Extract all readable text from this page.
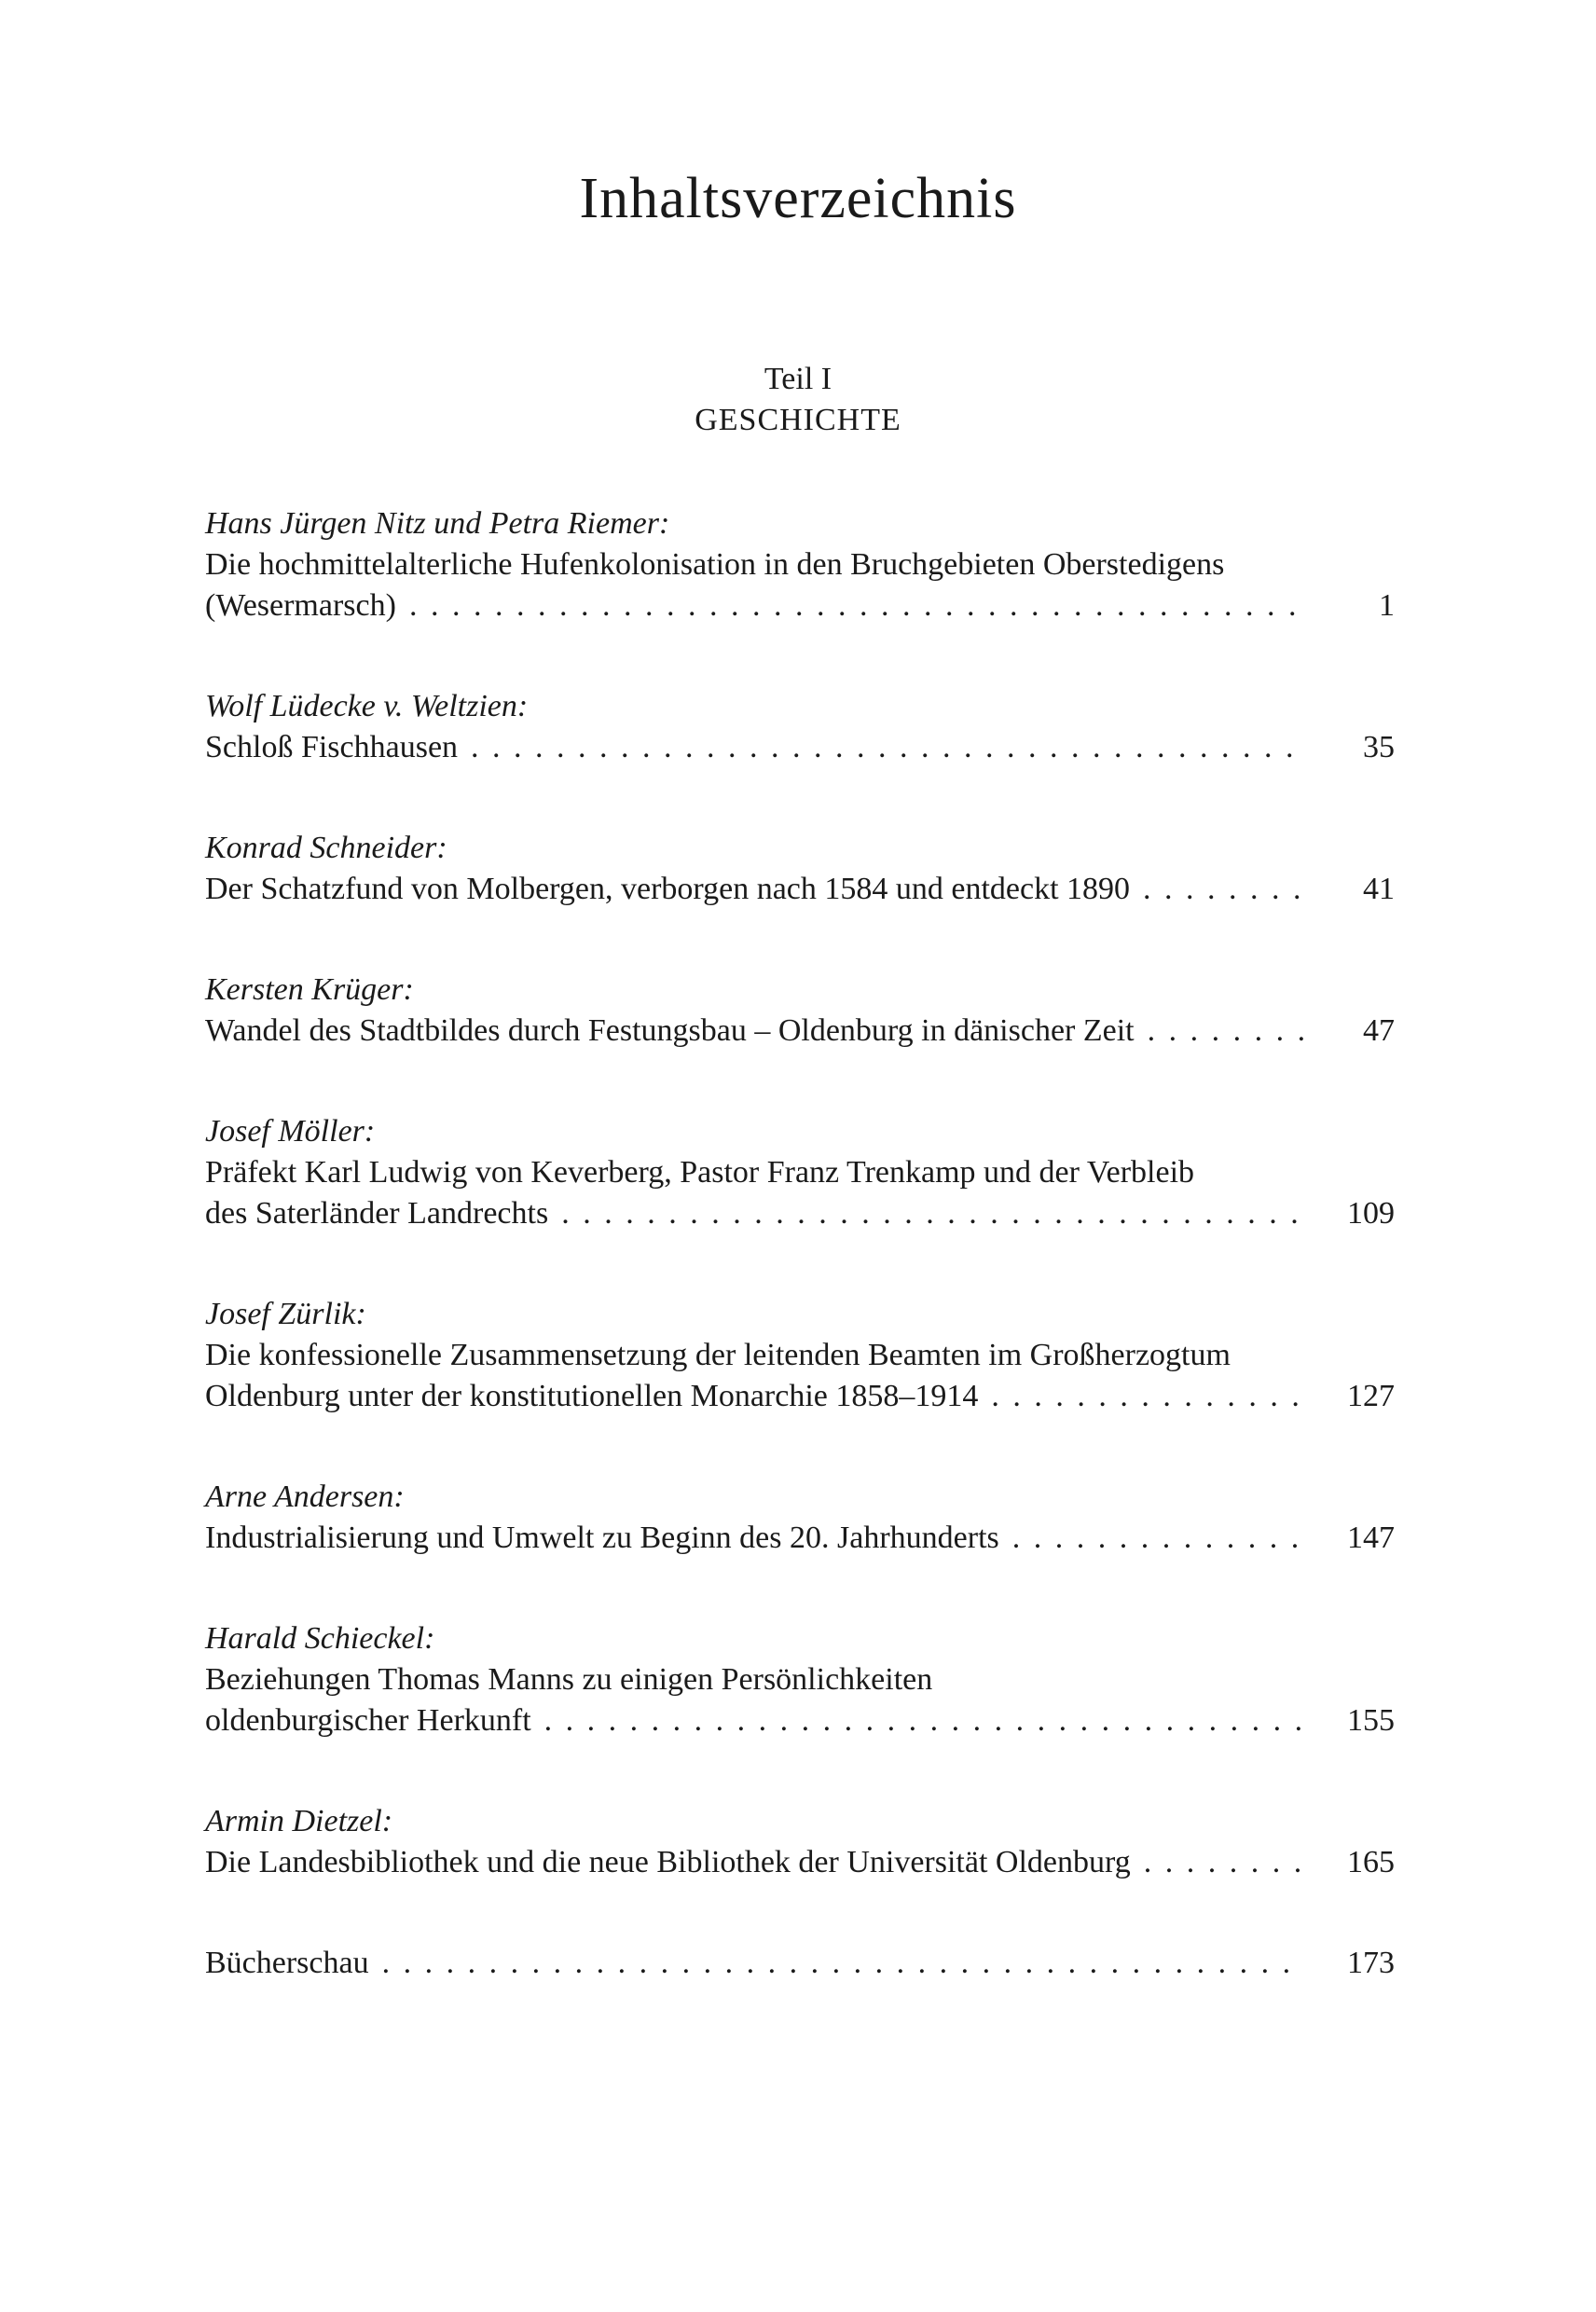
Inhaltsverzeichnis
Teil I
GESCHICHTE
Hans Jürgen Nitz und Petra Riemer:
Die hochmittelalterliche Hufenkolonisation in den Bruchgebieten Oberstedigens
(Wesermarsch) . . .	1
Wolf Lüdecke v. Weltzien:
Schloß Fischhausen . . .	35
Konrad Schneider:
Der Schatzfund von Molbergen, verborgen nach 1584 und entdeckt 1890 . . .	41
Kersten Krüger:
Wandel des Stadtbildes durch Festungsbau – Oldenburg in dänischer Zeit . . .	47
Josef Möller:
Präfekt Karl Ludwig von Keverberg, Pastor Franz Trenkamp und der Verbleib
des Saterländer Landrechts . . .	109
Josef Zürlik:
Die konfessionelle Zusammensetzung der leitenden Beamten im Großherzogtum
Oldenburg unter der konstitutionellen Monarchie 1858–1914 . . .	127
Arne Andersen:
Industrialisierung und Umwelt zu Beginn des 20. Jahrhunderts . . .	147
Harald Schieckel:
Beziehungen Thomas Manns zu einigen Persönlichkeiten
oldenburgischer Herkunft . . .	155
Armin Dietzel:
Die Landesbibliothek und die neue Bibliothek der Universität Oldenburg . . .	165
Bücherschau . . .	173
